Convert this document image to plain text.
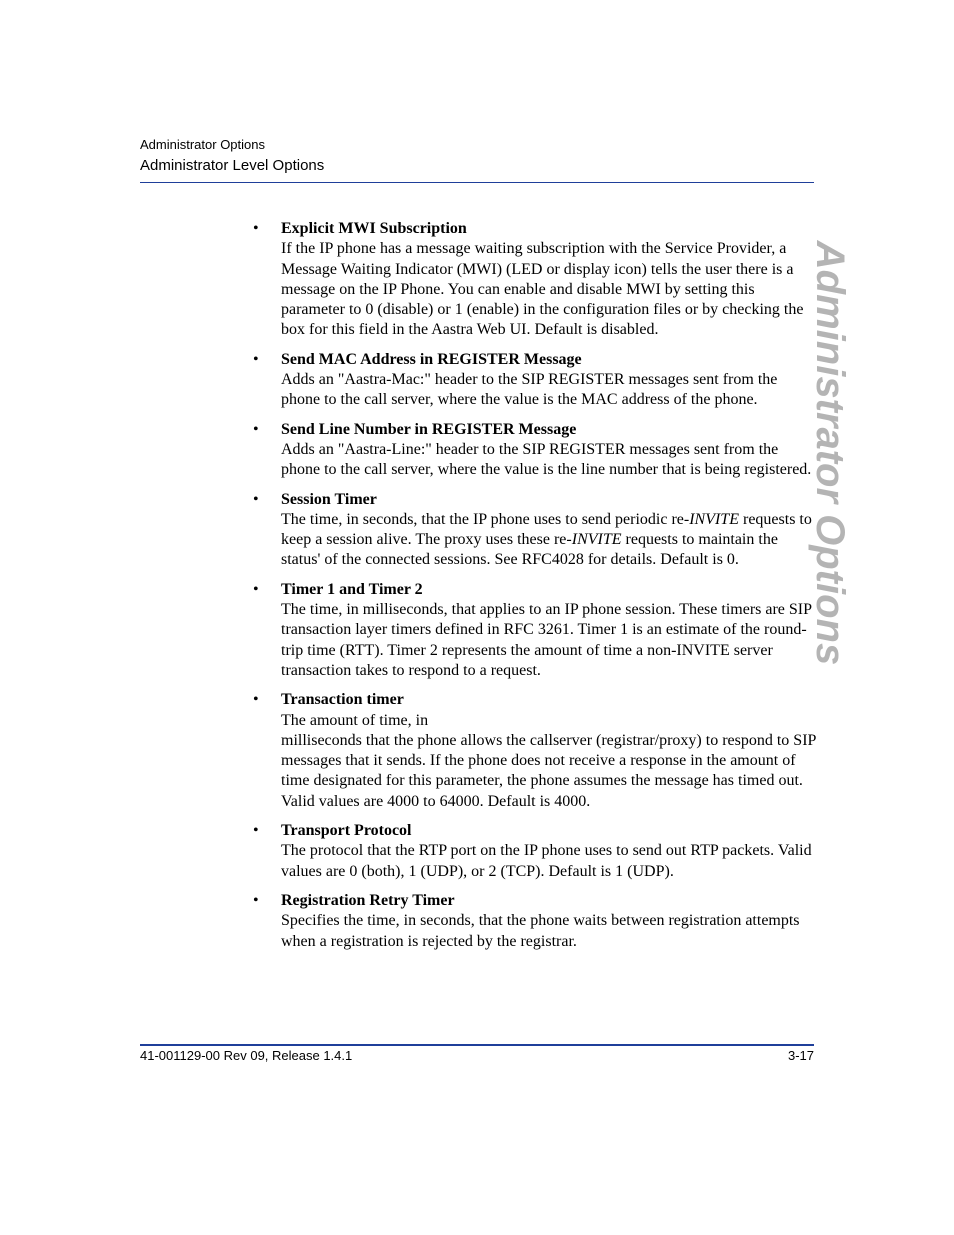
Administrator Options
Administrator Level Options
Administrator Options
• Explicit MWI Subscription
If the IP phone has a message waiting subscription with the Service Provider, a Message Waiting Indicator (MWI) (LED or display icon) tells the user there is a message on the IP Phone. You can enable and disable MWI by setting this parameter to 0 (disable) or 1 (enable) in the configuration files or by checking the box for this field in the Aastra Web UI. Default is disabled.
• Send MAC Address in REGISTER Message
Adds an "Aastra-Mac:" header to the SIP REGISTER messages sent from the phone to the call server, where the value is the MAC address of the phone.
• Send Line Number in REGISTER Message
Adds an "Aastra-Line:" header to the SIP REGISTER messages sent from the phone to the call server, where the value is the line number that is being registered.
• Session Timer
The time, in seconds, that the IP phone uses to send periodic re-INVITE requests to keep a session alive. The proxy uses these re-INVITE requests to maintain the status' of the connected sessions. See RFC4028 for details. Default is 0.
• Timer 1 and Timer 2
The time, in milliseconds, that applies to an IP phone session. These timers are SIP transaction layer timers defined in RFC 3261. Timer 1 is an estimate of the round-trip time (RTT). Timer 2 represents the amount of time a non-INVITE server transaction takes to respond to a request.
• Transaction timer
The amount of time, in
milliseconds that the phone allows the callserver (registrar/proxy) to respond to SIP messages that it sends. If the phone does not receive a response in the amount of time designated for this parameter, the phone assumes the message has timed out. Valid values are 4000 to 64000. Default is 4000.
• Transport Protocol
The protocol that the RTP port on the IP phone uses to send out RTP packets. Valid values are 0 (both), 1 (UDP), or 2 (TCP). Default is 1 (UDP).
• Registration Retry Timer
Specifies the time, in seconds, that the phone waits between registration attempts when a registration is rejected by the registrar.
41-001129-00 Rev 09, Release 1.4.1	3-17
